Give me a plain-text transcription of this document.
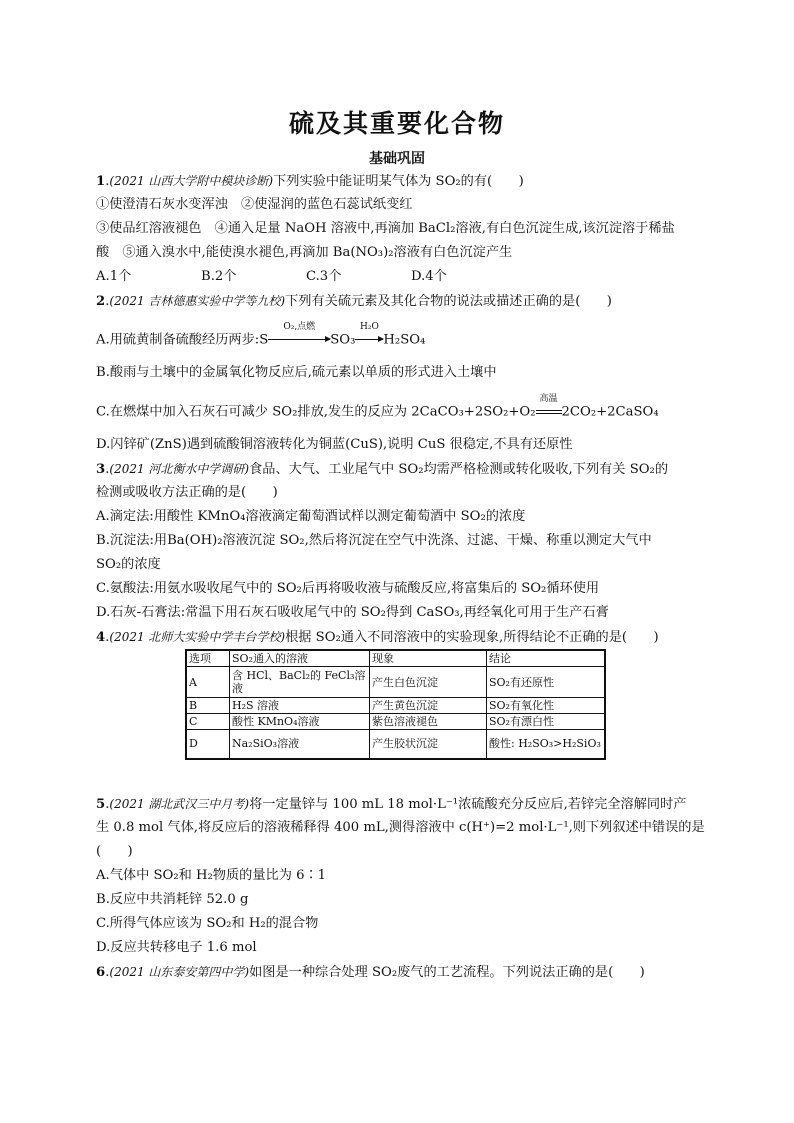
硫及其重要化合物
基础巩固
1.(2021 山西大学附中模块诊断)下列实验中能证明某气体为 SO₂的有(　　)
①使澄清石灰水变浑浊　②使湿润的蓝色石蕊试纸变红
③使品红溶液褪色　④通入足量 NaOH 溶液中,再滴加 BaCl₂溶液,有白色沉淀生成,该沉淀溶于稀盐
酸　⑤通入溴水中,能使溴水褪色,再滴加 Ba(NO₃)₂溶液有白色沉淀产生
A.1个	B.2个	C.3个	D.4个
2.(2021 吉林德惠实验中学等九校)下列有关硫元素及其化合物的说法或描述正确的是(　　)
A.用硫黄制备硫酸经历两步:S
O₂,点燃
SO₃
H₂O
H₂SO₄
B.酸雨与土壤中的金属氧化物反应后,硫元素以单质的形式进入土壤中
C.在燃煤中加入石灰石可减少 SO₂排放,发生的反应为 2CaCO₃+2SO₂+O₂
高温
2CO₂+2CaSO₄
D.闪锌矿(ZnS)遇到硫酸铜溶液转化为铜蓝(CuS),说明 CuS 很稳定,不具有还原性
3.(2021 河北衡水中学调研)食品、大气、工业尾气中 SO₂均需严格检测或转化吸收,下列有关 SO₂的
检测或吸收方法正确的是(　　)
A.滴定法:用酸性 KMnO₄溶液滴定葡萄酒试样以测定葡萄酒中 SO₂的浓度
B.沉淀法:用Ba(OH)₂溶液沉淀 SO₂,然后将沉淀在空气中洗涤、过滤、干燥、称重以测定大气中
SO₂的浓度
C.氨酸法:用氨水吸收尾气中的 SO₂后再将吸收液与硫酸反应,将富集后的 SO₂循环使用
D.石灰-石膏法:常温下用石灰石吸收尾气中的 SO₂得到 CaSO₃,再经氧化可用于生产石膏
4.(2021 北师大实验中学丰台学校)根据 SO₂通入不同溶液中的实验现象,所得结论不正确的是(　　)
选项	SO₂通入的溶液	现象	结论
A	含 HCl、BaCl₂的 FeCl₃溶液	产生白色沉淀	SO₂有还原性
B	H₂S 溶液	产生黄色沉淀	SO₂有氧化性
C	酸性 KMnO₄溶液	紫色溶液褪色	SO₂有漂白性
D	Na₂SiO₃溶液	产生胶状沉淀	酸性: H₂SO₃>H₂SiO₃
5.(2021 湖北武汉三中月考)将一定量锌与 100 mL 18 mol·L⁻¹浓硫酸充分反应后,若锌完全溶解同时产
生 0.8 mol 气体,将反应后的溶液稀释得 400 mL,测得溶液中 c(H⁺)=2 mol·L⁻¹,则下列叙述中错误的是
(　　)
A.气体中 SO₂和 H₂物质的量比为 6∶1
B.反应中共消耗锌 52.0 g
C.所得气体应该为 SO₂和 H₂的混合物
D.反应共转移电子 1.6 mol
6.(2021 山东泰安第四中学)如图是一种综合处理 SO₂废气的工艺流程。下列说法正确的是(　　)
